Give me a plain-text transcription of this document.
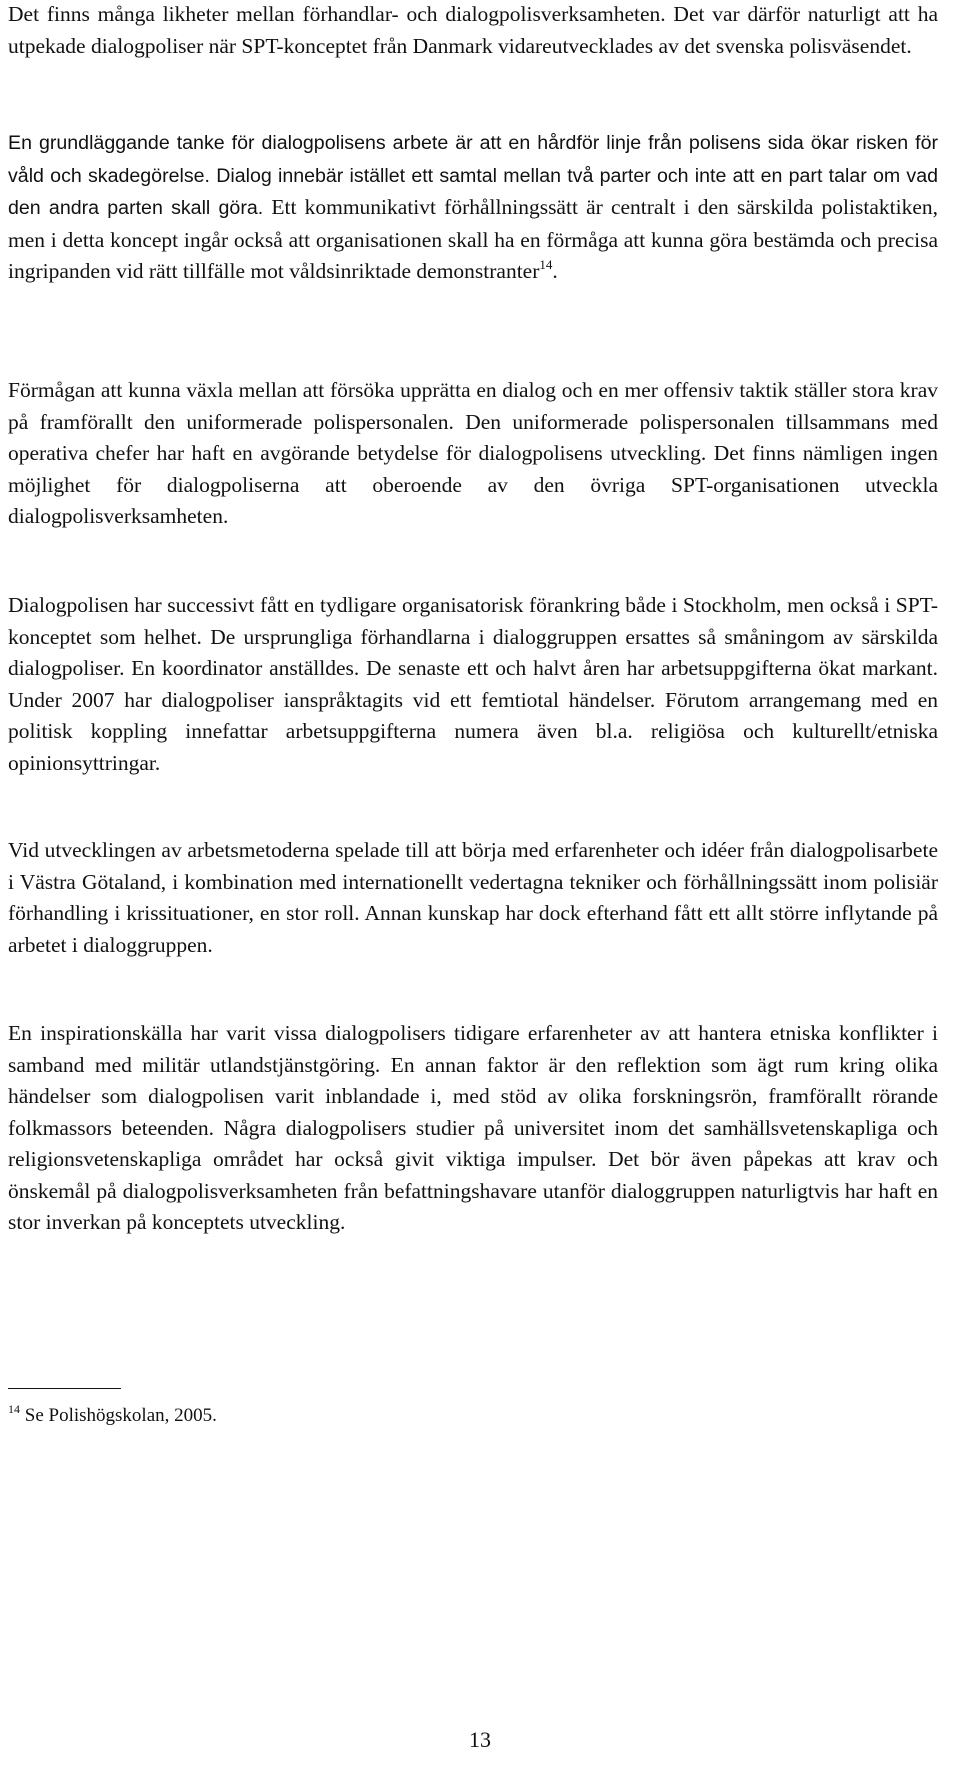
Det finns många likheter mellan förhandlar- och dialogpolisverksamheten. Det var därför naturligt att ha utpekade dialogpoliser när SPT-konceptet från Danmark vidareutvecklades av det svenska polisväsendet.

En grundläggande tanke för dialogpolisens arbete är att en hårdför linje från polisens sida ökar risken för våld och skadegörelse. Dialog innebär istället ett samtal mellan två parter och inte att en part talar om vad den andra parten skall göra. Ett kommunikativt förhållningssätt är centralt i den särskilda polistaktiken, men i detta koncept ingår också att organisationen skall ha en förmåga att kunna göra bestämda och precisa ingripanden vid rätt tillfälle mot våldsinriktade demonstranter$^{14}$.

Förmågan att kunna växla mellan att försöka upprätta en dialog och en mer offensiv taktik ställer stora krav på framförallt den uniformerade polispersonalen. Den uniformerade polispersonalen tillsammans med operativa chefer har haft en avgörande betydelse för dialogpolisens utveckling. Det finns nämligen ingen möjlighet för dialogpoliserna att oberoende av den övriga SPT-organisationen utveckla dialogpolisverksamheten.

Dialogpolisen har successivt fått en tydligare organisatorisk förankring både i Stockholm, men också i SPT-konceptet som helhet. De ursprungliga förhandlarna i dialoggruppen ersattes så småningom av särskilda dialogpoliser. En koordinator anställdes. De senaste ett och halvt åren har arbetsuppgifterna ökat markant. Under 2007 har dialogpoliser ianspråktagits vid ett femtiotal händelser. Förutom arrangemang med en politisk koppling innefattar arbetsuppgifterna numera även bl.a. religiösa och kulturellt/etniska opinionsyttringar.

Vid utvecklingen av arbetsmetoderna spelade till att börja med erfarenheter och idéer från dialogpolisarbete i Västra Götaland, i kombination med internationellt vedertagna tekniker och förhållningssätt inom polisiär förhandling i krissituationer, en stor roll. Annan kunskap har dock efterhand fått ett allt större inflytande på arbetet i dialoggruppen.

En inspirationskälla har varit vissa dialogpolisers tidigare erfarenheter av att hantera etniska konflikter i samband med militär utlandstjänstgöring. En annan faktor är den reflektion som ägt rum kring olika händelser som dialogpolisen varit inblandade i, med stöd av olika forskningsrön, framförallt rörande folkmassors beteenden. Några dialogpolisers studier på universitet inom det samhällsvetenskapliga och religionsvetenskapliga området har också givit viktiga impulser. Det bör även påpekas att krav och önskemål på dialogpolisverksamheten från befattningshavare utanför dialoggruppen naturligtvis har haft en stor inverkan på konceptets utveckling.

$^{14}$ Se Polishögskolan, 2005.

13
